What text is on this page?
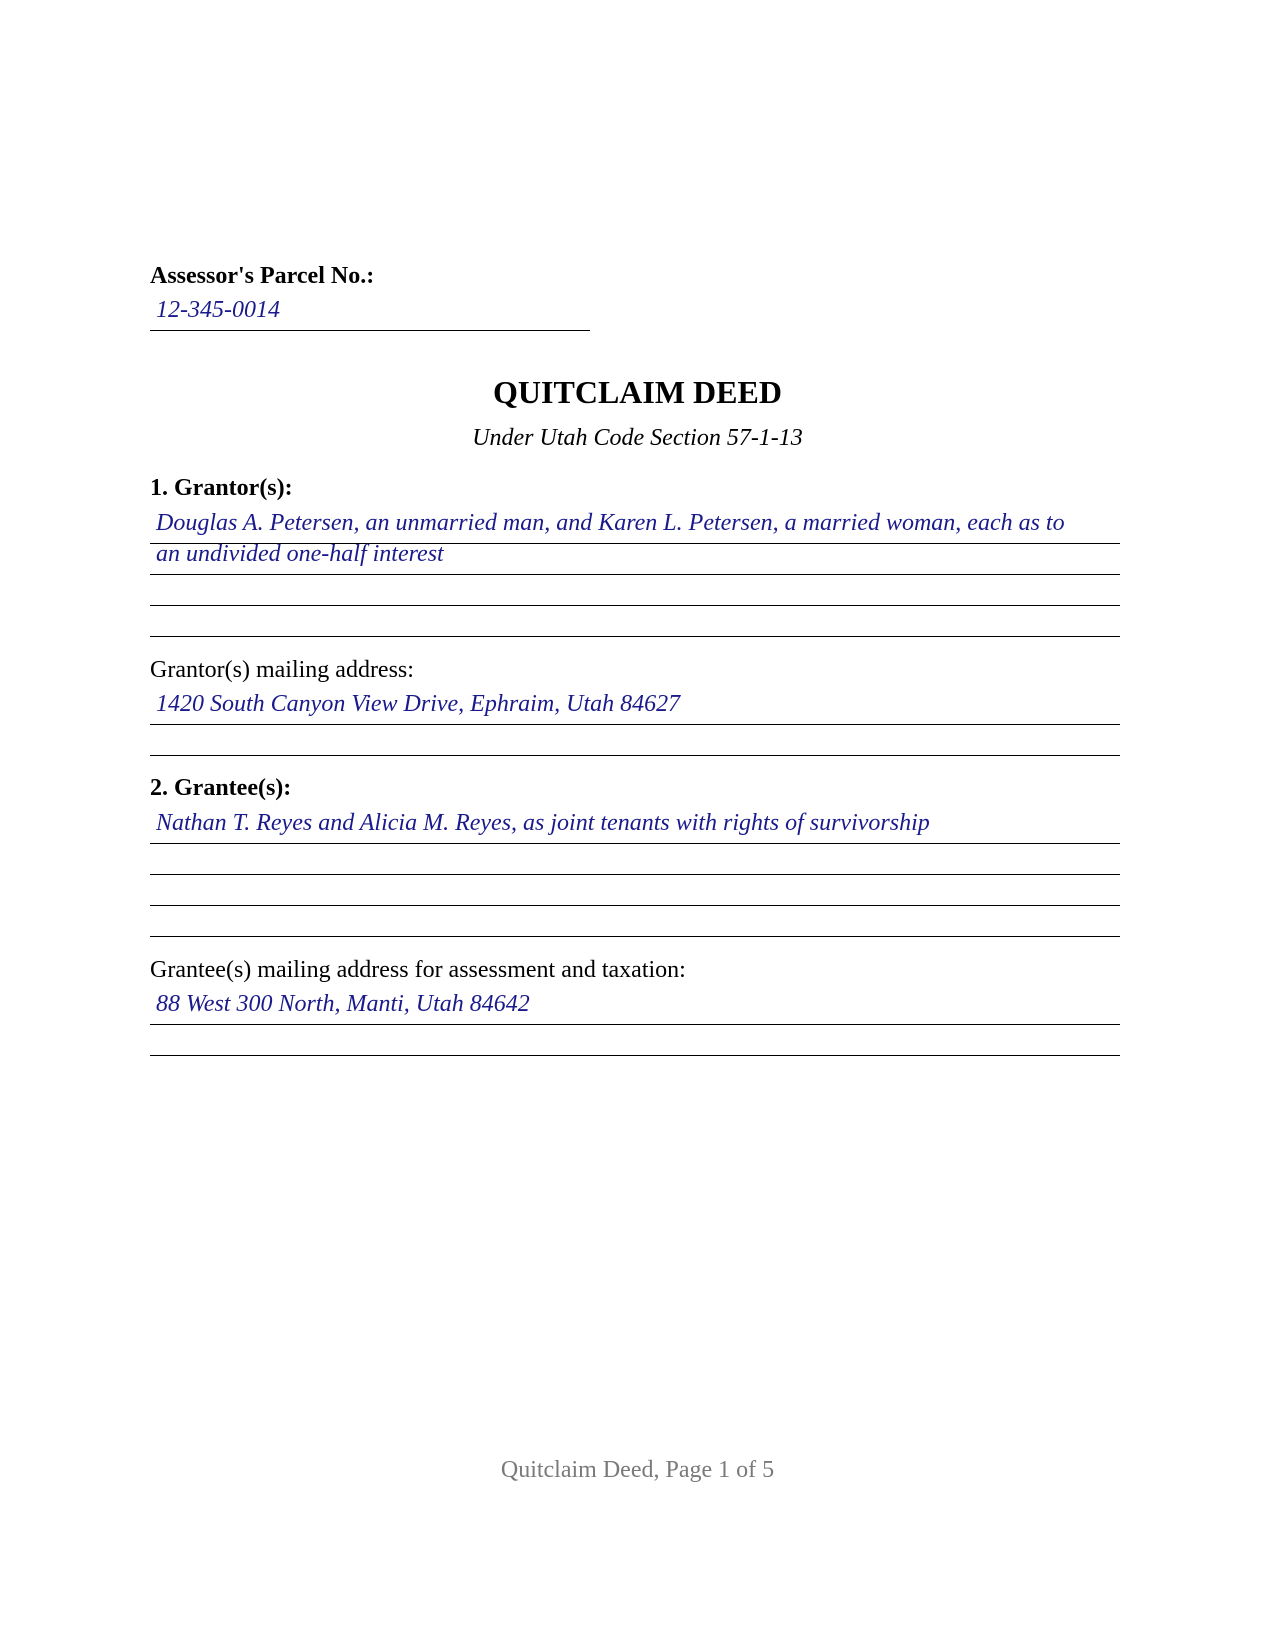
Assessor's Parcel No.:
12-345-0014
QUITCLAIM DEED
Under Utah Code Section 57-1-13
1. Grantor(s):
Douglas A. Petersen, an unmarried man, and Karen L. Petersen, a married woman, each as to
an undivided one-half interest
Grantor(s) mailing address:
1420 South Canyon View Drive, Ephraim, Utah 84627
2. Grantee(s):
Nathan T. Reyes and Alicia M. Reyes, as joint tenants with rights of survivorship
Grantee(s) mailing address for assessment and taxation:
88 West 300 North, Manti, Utah 84642
Quitclaim Deed, Page 1 of 5
